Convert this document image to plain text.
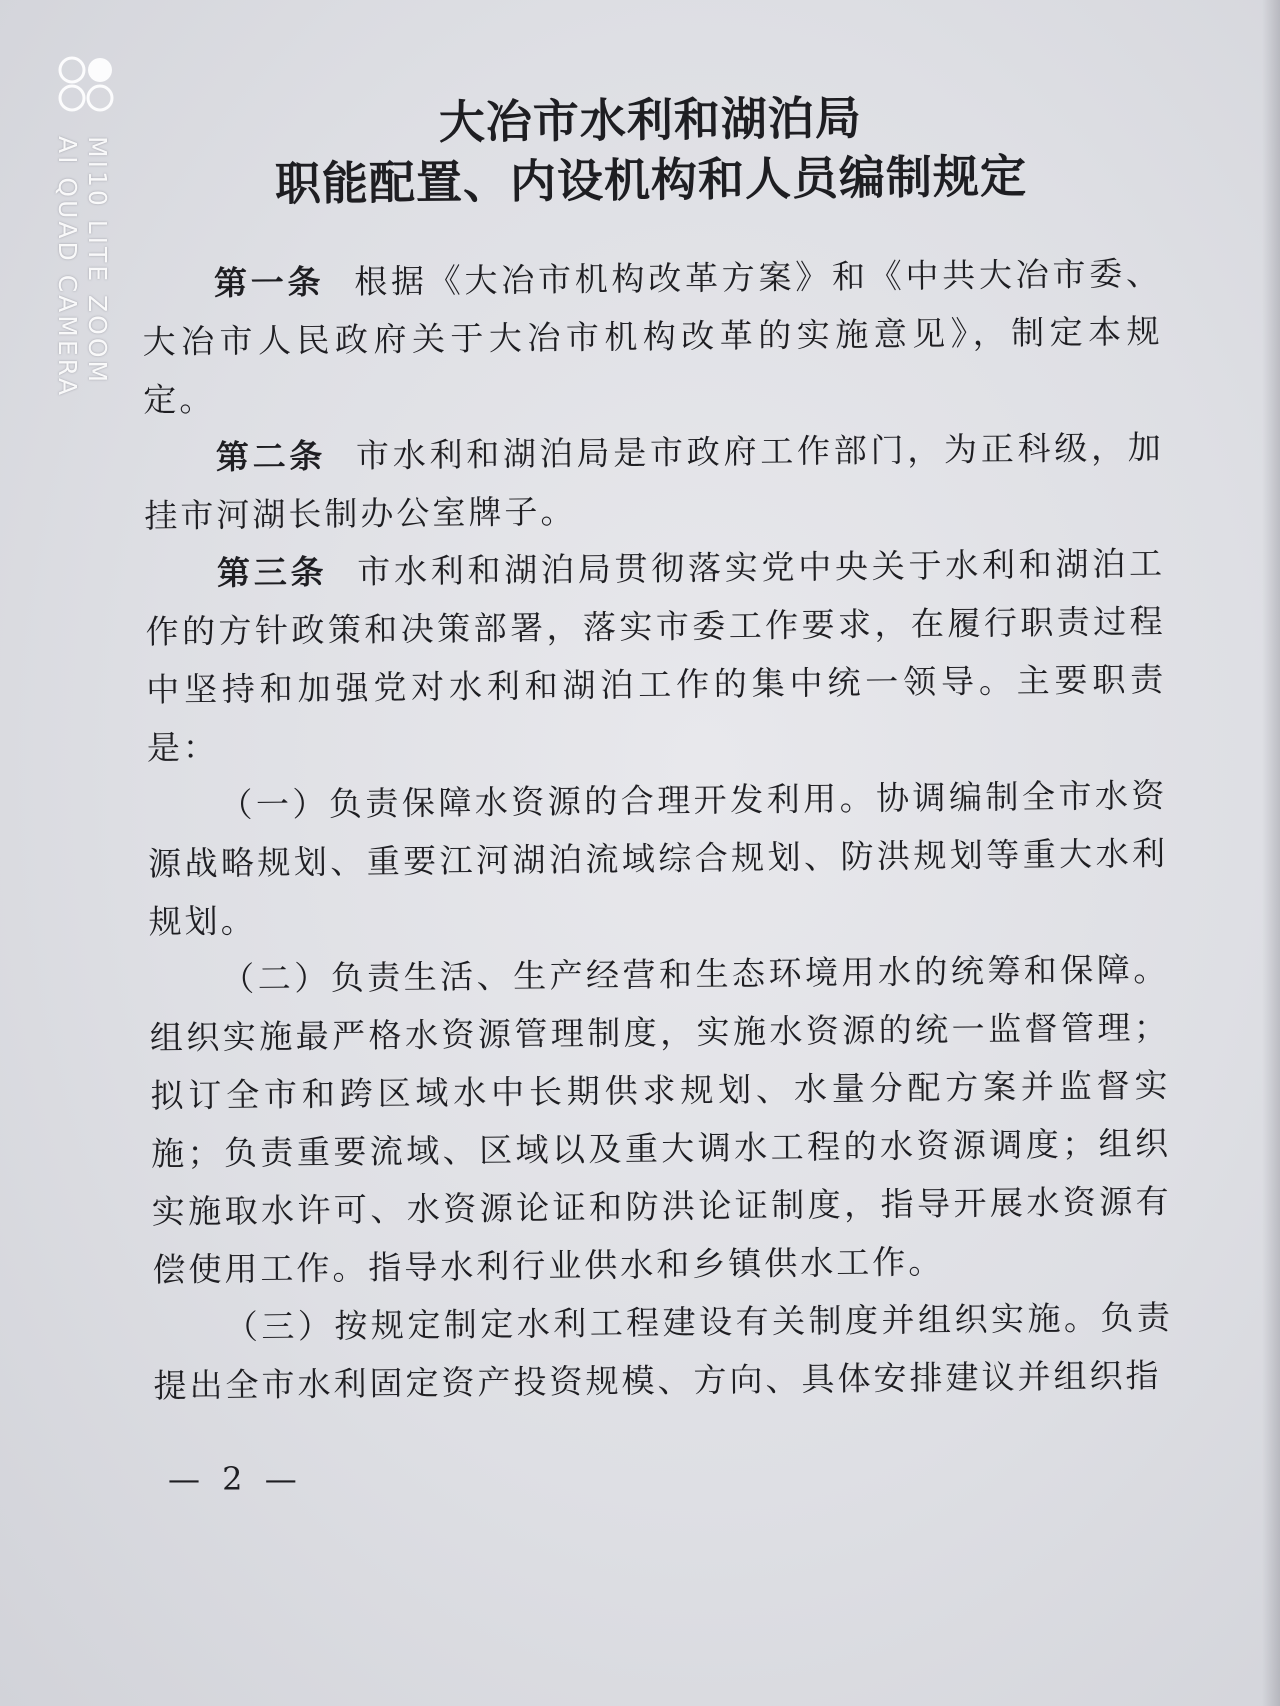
MI10 LITE ZOOM
AI QUAD CAMERA
大冶市水利和湖泊局
职能配置、内设机构和人员编制规定

第一条 根据《大冶市机构改革方案》和《中共大冶市委、大冶市人民政府关于大冶市机构改革的实施意见》，制定本规定。

第二条 市水利和湖泊局是市政府工作部门，为正科级，加挂市河湖长制办公室牌子。

第三条 市水利和湖泊局贯彻落实党中央关于水利和湖泊工作的方针政策和决策部署，落实市委工作要求，在履行职责过程中坚持和加强党对水利和湖泊工作的集中统一领导。主要职责是：

（一）负责保障水资源的合理开发利用。协调编制全市水资源战略规划、重要江河湖泊流域综合规划、防洪规划等重大水利规划。

（二）负责生活、生产经营和生态环境用水的统筹和保障。组织实施最严格水资源管理制度，实施水资源的统一监督管理；拟订全市和跨区域水中长期供求规划、水量分配方案并监督实施；负责重要流域、区域以及重大调水工程的水资源调度；组织实施取水许可、水资源论证和防洪论证制度，指导开展水资源有偿使用工作。指导水利行业供水和乡镇供水工作。

（三）按规定制定水利工程建设有关制度并组织实施。负责提出全市水利固定资产投资规模、方向、具体安排建议并组织指

— 2 —
